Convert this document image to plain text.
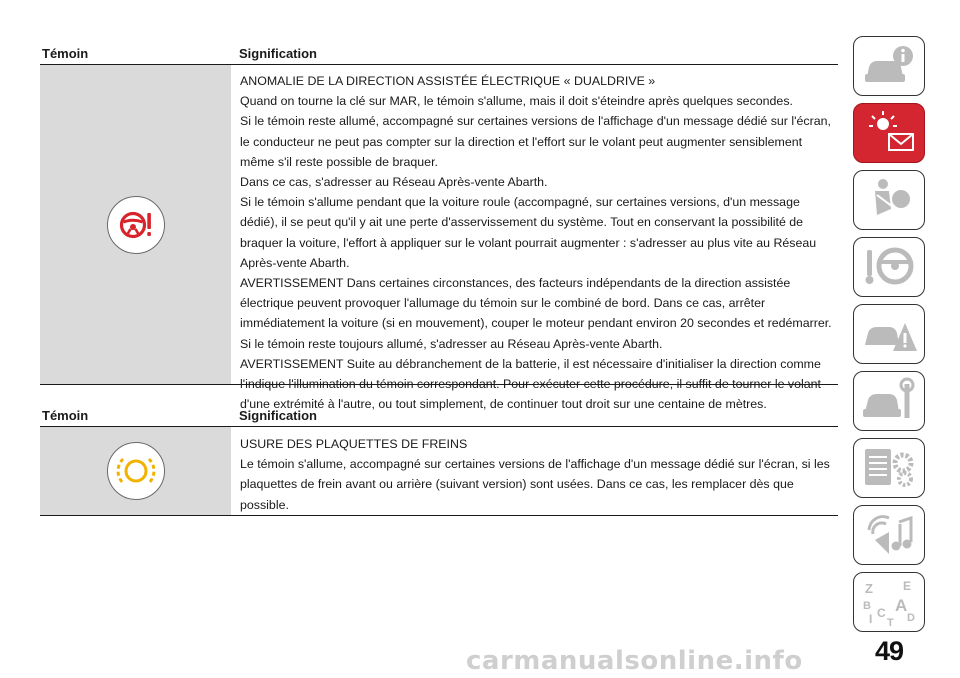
Témoin	Signification

ANOMALIE DE LA DIRECTION ASSISTÉE ÉLECTRIQUE « DUALDRIVE »

Quand on tourne la clé sur MAR, le témoin s'allume, mais il doit s'éteindre après quelques secondes.

Si le témoin reste allumé, accompagné sur certaines versions de l'affichage d'un message dédié sur l'écran, le conducteur ne peut pas compter sur la direction et l'effort sur le volant peut augmenter sensiblement même s'il reste possible de braquer.

Dans ce cas, s'adresser au Réseau Après-vente Abarth.

Si le témoin s'allume pendant que la voiture roule (accompagné, sur certaines versions, d'un message dédié), il se peut qu'il y ait une perte d'asservissement du système. Tout en conservant la possibilité de braquer la voiture, l'effort à appliquer sur le volant pourrait augmenter : s'adresser au plus vite au Réseau Après-vente Abarth.

AVERTISSEMENT Dans certaines circonstances, des facteurs indépendants de la direction assistée électrique peuvent provoquer l'allumage du témoin sur le combiné de bord. Dans ce cas, arrêter immédiatement la voiture (si en mouvement), couper le moteur pendant environ 20 secondes et redémarrer. Si le témoin reste toujours allumé, s'adresser au Réseau Après-vente Abarth.

AVERTISSEMENT Suite au débranchement de la batterie, il est nécessaire d'initialiser la direction comme l'indique l'illumination du témoin correspondant. Pour exécuter cette procédure, il suffit de tourner le volant d'une extrémité à l'autre, ou tout simplement, de continuer tout droit sur une centaine de mètres.

Témoin	Signification

USURE DES PLAQUETTES DE FREINS

Le témoin s'allume, accompagné sur certaines versions de l'affichage d'un message dédié sur l'écran, si les plaquettes de frein avant ou arrière (suivant version) sont usées. Dans ce cas, les remplacer dès que possible.

Z	E
B A
C
I T D
49
carmanualsonline.info
